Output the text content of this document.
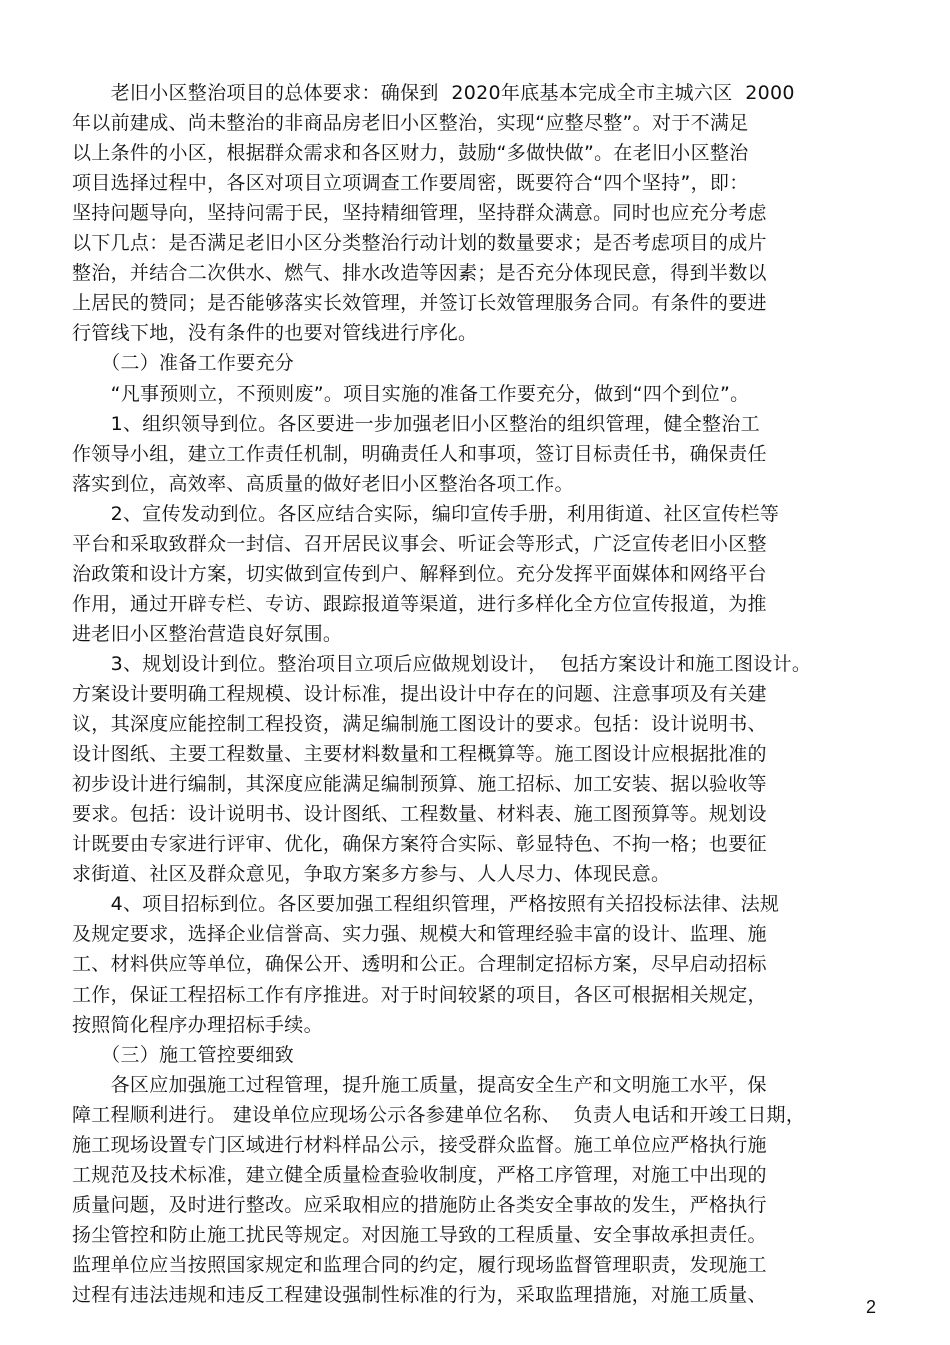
　　老旧小区整治项目的总体要求：确保到  2020年底基本完成全市主城六区  2000
年以前建成、尚未整治的非商品房老旧小区整治，实现“应整尽整”。对于不满足
以上条件的小区，根据群众需求和各区财力，鼓励“多做快做”。在老旧小区整治
项目选择过程中，各区对项目立项调查工作要周密，既要符合“四个坚持”，即：
坚持问题导向，坚持问需于民，坚持精细管理，坚持群众满意。同时也应充分考虑
以下几点：是否满足老旧小区分类整治行动计划的数量要求；是否考虑项目的成片
整治，并结合二次供水、燃气、排水改造等因素；是否充分体现民意，得到半数以
上居民的赞同；是否能够落实长效管理，并签订长效管理服务合同。有条件的要进
行管线下地，没有条件的也要对管线进行序化。
　　（二）准备工作要充分
　　“凡事预则立，不预则废”。项目实施的准备工作要充分，做到“四个到位”。
　　1、组织领导到位。各区要进一步加强老旧小区整治的组织管理，健全整治工
作领导小组，建立工作责任机制，明确责任人和事项，签订目标责任书，确保责任
落实到位，高效率、高质量的做好老旧小区整治各项工作。
　　2、宣传发动到位。各区应结合实际，编印宣传手册，利用街道、社区宣传栏等
平台和采取致群众一封信、召开居民议事会、听证会等形式，广泛宣传老旧小区整
治政策和设计方案，切实做到宣传到户、解释到位。充分发挥平面媒体和网络平台
作用，通过开辟专栏、专访、跟踪报道等渠道，进行多样化全方位宣传报道，为推
进老旧小区整治营造良好氛围。
　　3、规划设计到位。整治项目立项后应做规划设计，  包括方案设计和施工图设计。
方案设计要明确工程规模、设计标准，提出设计中存在的问题、注意事项及有关建
议，其深度应能控制工程投资，满足编制施工图设计的要求。包括：设计说明书、
设计图纸、主要工程数量、主要材料数量和工程概算等。施工图设计应根据批准的
初步设计进行编制，其深度应能满足编制预算、施工招标、加工安装、据以验收等
要求。包括：设计说明书、设计图纸、工程数量、材料表、施工图预算等。规划设
计既要由专家进行评审、优化，确保方案符合实际、彰显特色、不拘一格；也要征
求街道、社区及群众意见，争取方案多方参与、人人尽力、体现民意。
　　4、项目招标到位。各区要加强工程组织管理，严格按照有关招投标法律、法规
及规定要求，选择企业信誉高、实力强、规模大和管理经验丰富的设计、监理、施
工、材料供应等单位，确保公开、透明和公正。合理制定招标方案，尽早启动招标
工作，保证工程招标工作有序推进。对于时间较紧的项目，各区可根据相关规定，
按照简化程序办理招标手续。
　　（三）施工管控要细致
　　各区应加强施工过程管理，提升施工质量，提高安全生产和文明施工水平，保
障工程顺利进行。 建设单位应现场公示各参建单位名称、  负责人电话和开竣工日期，
施工现场设置专门区域进行材料样品公示，接受群众监督。施工单位应严格执行施
工规范及技术标准，建立健全质量检查验收制度，严格工序管理，对施工中出现的
质量问题，及时进行整改。应采取相应的措施防止各类安全事故的发生，严格执行
扬尘管控和防止施工扰民等规定。对因施工导致的工程质量、安全事故承担责任。
监理单位应当按照国家规定和监理合同的约定，履行现场监督管理职责，发现施工
过程有违法违规和违反工程建设强制性标准的行为，采取监理措施，对施工质量、
2
